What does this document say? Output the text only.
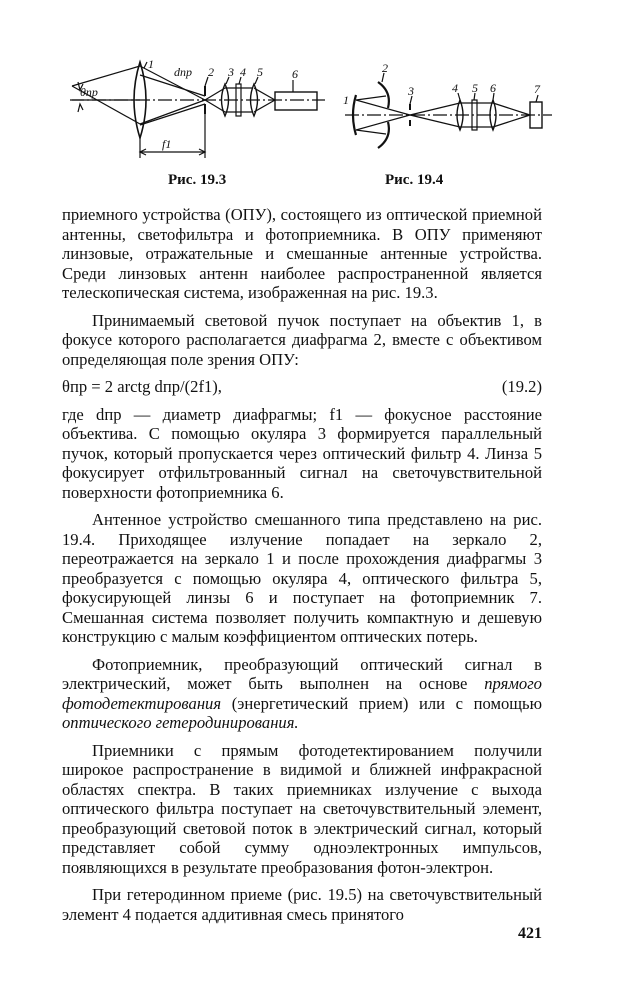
θпр
1
dпр 2 3 4 5 6
f1
1
2
3	4 5 6	7
Рис. 19.3	Рис. 19.4

приемного устройства (ОПУ), состоящего из оптической приемной антенны, светофильтра и фотоприемника. В ОПУ применяют линзовые, отражательные и смешанные антенные устройства. Среди линзовых антенн наиболее распространенной является телескопическая система, изображенная на рис. 19.3.

Принимаемый световой пучок поступает на объектив 1, в фокусе которого располагается диафрагма 2, вместе с объективом определяющая поле зрения ОПУ:

θпр = 2 arctg dпр/(2f1),	(19.2)

где dпр — диаметр диафрагмы; f1 — фокусное расстояние объектива. С помощью окуляра 3 формируется параллельный пучок, который пропускается через оптический фильтр 4. Линза 5 фокусирует отфильтрованный сигнал на светочувствительной поверхности фотоприемника 6.

Антенное устройство смешанного типа представлено на рис. 19.4. Приходящее излучение попадает на зеркало 2, переотражается на зеркало 1 и после прохождения диафрагмы 3 преобразуется с помощью окуляра 4, оптического фильтра 5, фокусирующей линзы 6 и поступает на фотоприемник 7. Смешанная система позволяет получить компактную и дешевую конструкцию с малым коэффициентом оптических потерь.

Фотоприемник, преобразующий оптический сигнал в электрический, может быть выполнен на основе прямого фотодетектирования (энергетический прием) или с помощью оптического гетеродинирования.

Приемники с прямым фотодетектированием получили широкое распространение в видимой и ближней инфракрасной областях спектра. В таких приемниках излучение с выхода оптического фильтра поступает на светочувствительный элемент, преобразующий световой поток в электрический сигнал, который представляет собой сумму одноэлектронных импульсов, появляющихся в результате преобразования фотон-электрон.

При гетеродинном приеме (рис. 19.5) на светочувствительный элемент 4 подается аддитивная смесь принятого

421
